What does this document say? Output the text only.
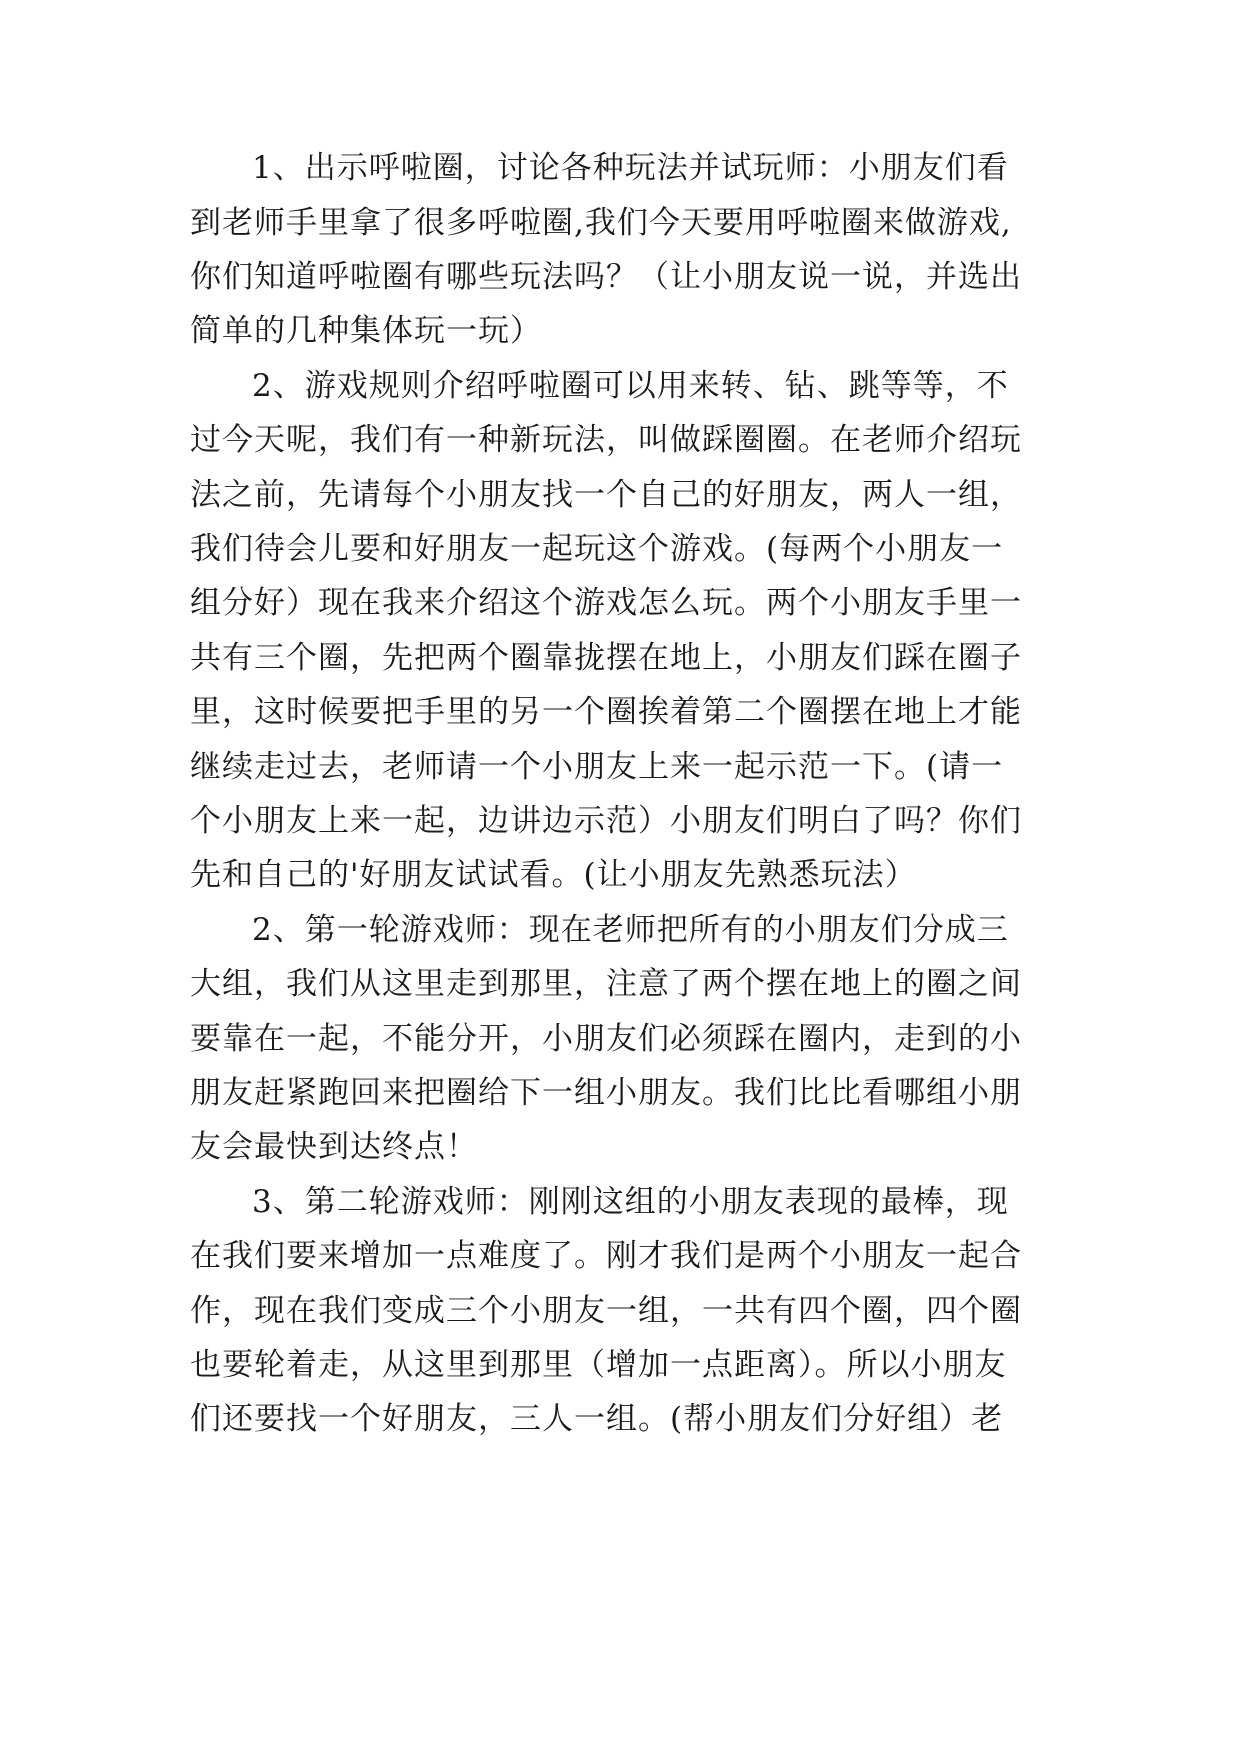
1、出示呼啦圈，讨论各种玩法并试玩师：小朋友们看
到老师手里拿了很多呼啦圈,我们今天要用呼啦圈来做游戏,
你们知道呼啦圈有哪些玩法吗？（让小朋友说一说，并选出
简单的几种集体玩一玩）
2、游戏规则介绍呼啦圈可以用来转、钻、跳等等，不
过今天呢，我们有一种新玩法，叫做踩圈圈。在老师介绍玩
法之前，先请每个小朋友找一个自己的好朋友，两人一组，
我们待会儿要和好朋友一起玩这个游戏。(每两个小朋友一
组分好）现在我来介绍这个游戏怎么玩。两个小朋友手里一
共有三个圈，先把两个圈靠拢摆在地上，小朋友们踩在圈子
里，这时候要把手里的另一个圈挨着第二个圈摆在地上才能
继续走过去，老师请一个小朋友上来一起示范一下。(请一
个小朋友上来一起，边讲边示范）小朋友们明白了吗？你们
先和自己的'好朋友试试看。(让小朋友先熟悉玩法）
2、第一轮游戏师：现在老师把所有的小朋友们分成三
大组，我们从这里走到那里，注意了两个摆在地上的圈之间
要靠在一起，不能分开，小朋友们必须踩在圈内，走到的小
朋友赶紧跑回来把圈给下一组小朋友。我们比比看哪组小朋
友会最快到达终点！
3、第二轮游戏师：刚刚这组的小朋友表现的最棒，现
在我们要来增加一点难度了。刚才我们是两个小朋友一起合
作，现在我们变成三个小朋友一组，一共有四个圈，四个圈
也要轮着走，从这里到那里（增加一点距离）。所以小朋友
们还要找一个好朋友，三人一组。(帮小朋友们分好组）老
